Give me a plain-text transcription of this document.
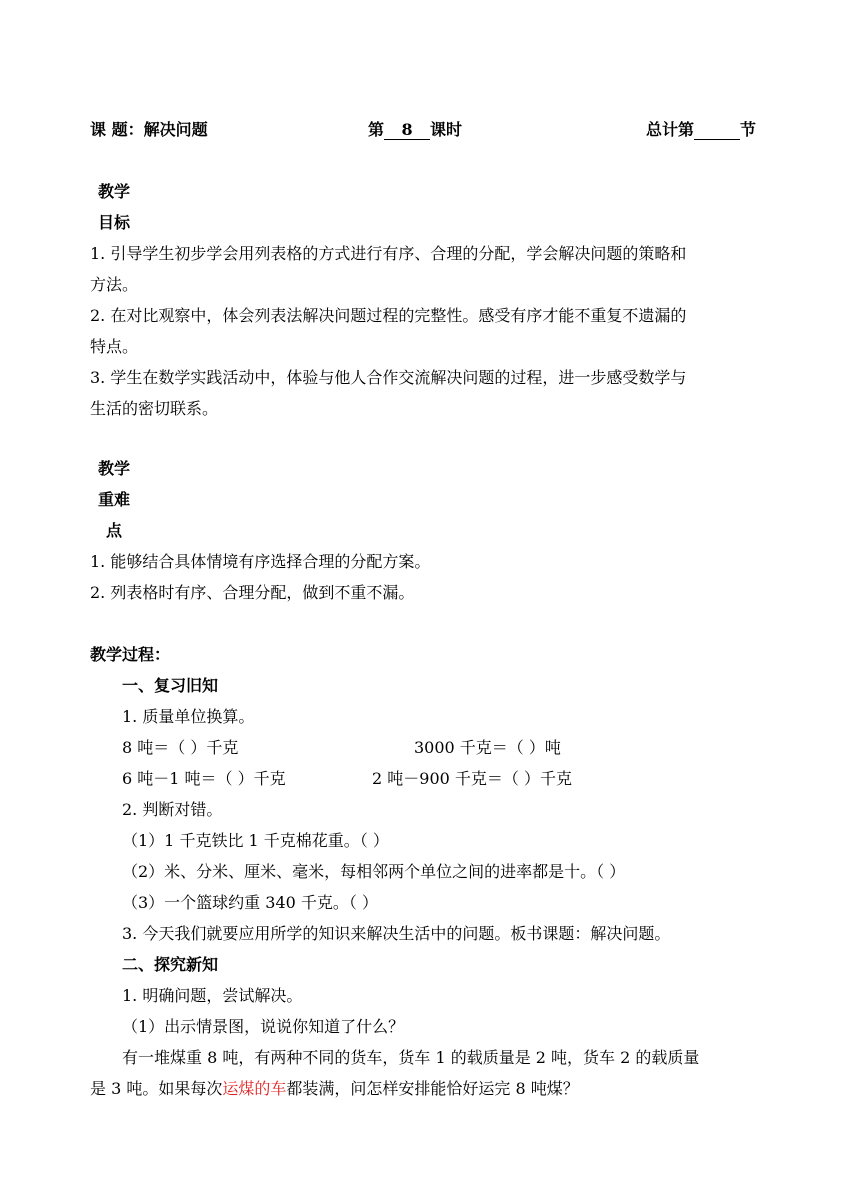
课 题：解决问题	第 8 课时	总计第	节
教学
目标
1. 引导学生初步学会用列表格的方式进行有序、合理的分配，学会解决问题的策略和
方法。
2. 在对比观察中，体会列表法解决问题过程的完整性。感受有序才能不重复不遗漏的
特点。
3. 学生在数学实践活动中，体验与他人合作交流解决问题的过程，进一步感受数学与
生活的密切联系。
教学
重难
点
1. 能够结合具体情境有序选择合理的分配方案。
2. 列表格时有序、合理分配，做到不重不漏。
教学过程：
一、复习旧知
1. 质量单位换算。
8 吨＝（ ）千克	3000 千克＝（ ）吨
6 吨－1 吨＝（ ）千克	2 吨－900 千克＝（ ）千克
2. 判断对错。
（1）1 千克铁比 1 千克棉花重。（ ）
（2）米、分米、厘米、毫米，每相邻两个单位之间的进率都是十。（ ）
（3）一个篮球约重 340 千克。（ ）
3. 今天我们就要应用所学的知识来解决生活中的问题。板书课题：解决问题。
二、探究新知
1. 明确问题，尝试解决。
（1）出示情景图，说说你知道了什么？
有一堆煤重 8 吨，有两种不同的货车，货车 1 的载质量是 2 吨，货车 2 的载质量
是 3 吨。如果每次运煤的车都装满，问怎样安排能恰好运完 8 吨煤？
